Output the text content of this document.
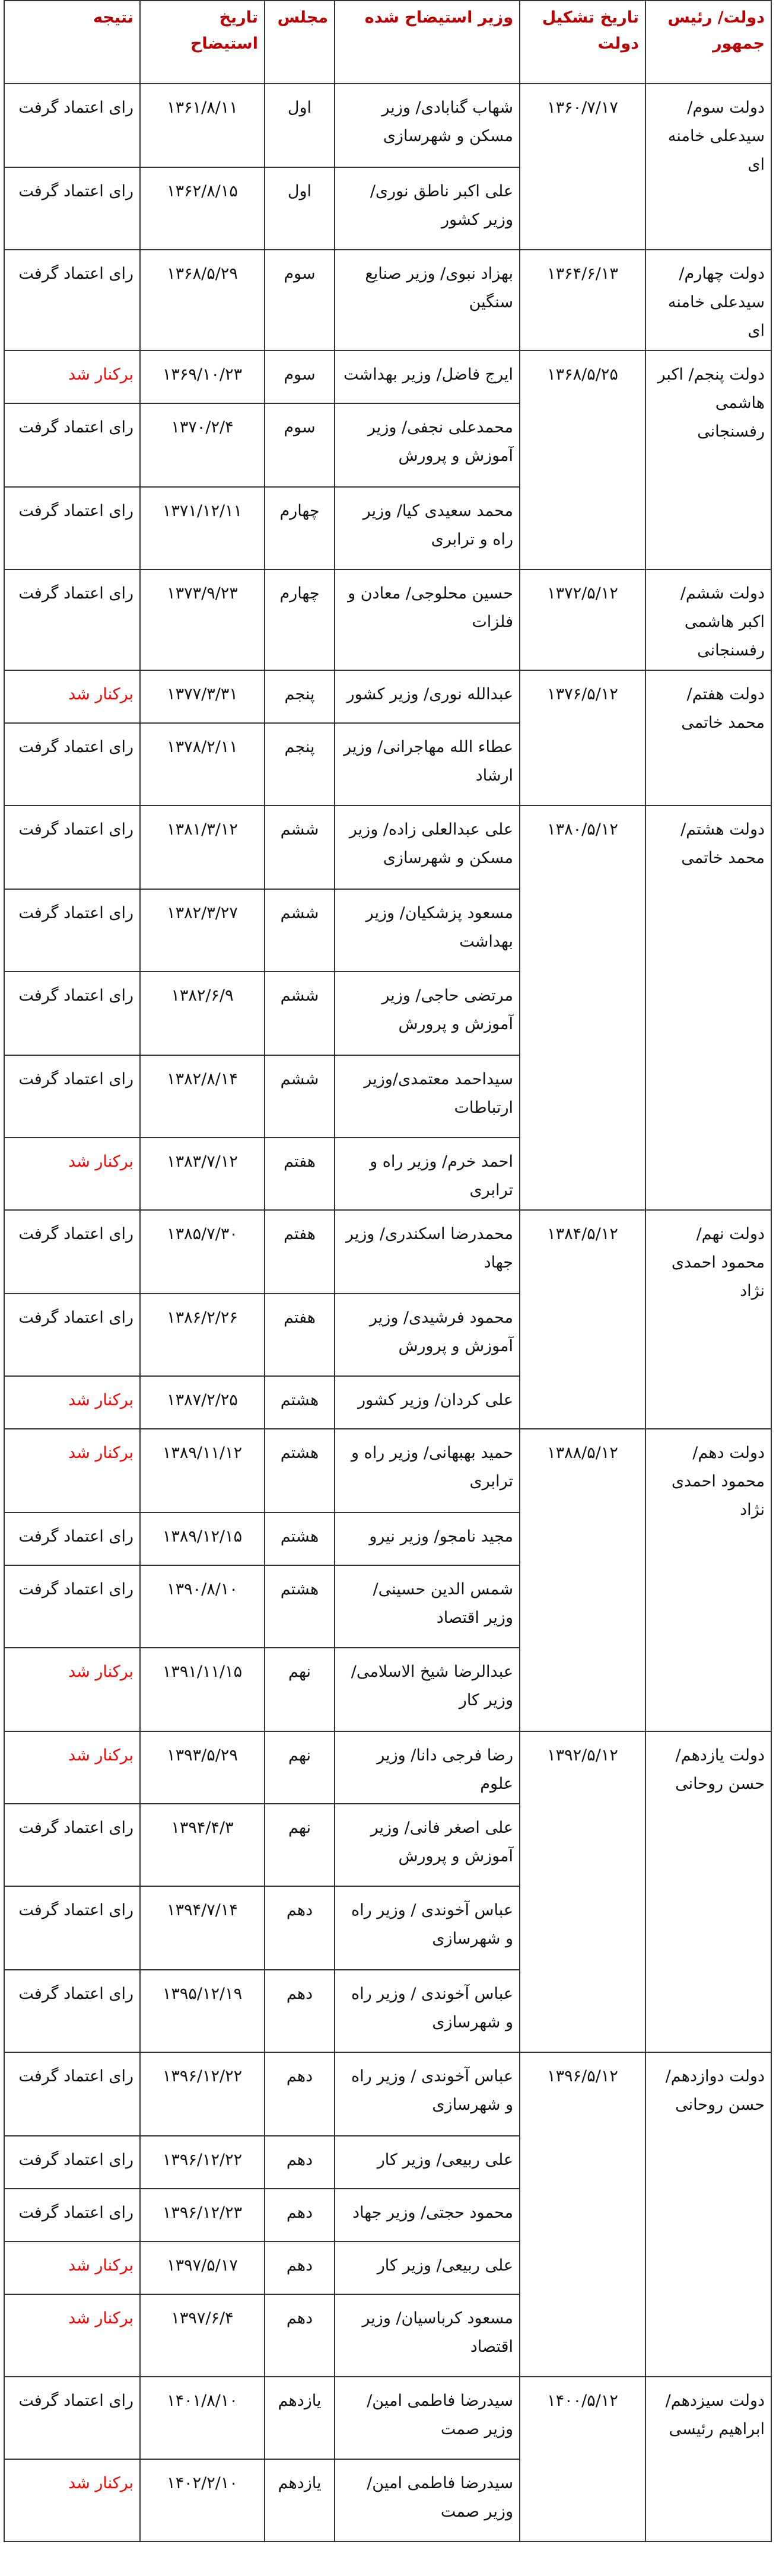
دولت/ رئیس جمهور	تاریخ تشکیل دولت	وزیر استیضاح شده	مجلس	تاریخ استیضاح	نتیجه
دولت سوم/ سیدعلی خامنه ای	۱۳۶۰/۷/۱۷	شهاب گنابادی/ وزیر مسکن و شهرسازی	اول	۱۳۶۱/۸/۱۱	رای اعتماد گرفت
		علی اکبر ناطق نوری/ وزیر کشور	اول	۱۳۶۲/۸/۱۵	رای اعتماد گرفت
دولت چهارم/ سیدعلی خامنه ای	۱۳۶۴/۶/۱۳	بهزاد نبوی/ وزیر صنایع سنگین	سوم	۱۳۶۸/۵/۲۹	رای اعتماد گرفت
دولت پنجم/ اکبر هاشمی رفسنجانی	۱۳۶۸/۵/۲۵	ایرج فاضل/ وزیر بهداشت	سوم	۱۳۶۹/۱۰/۲۳	برکنار شد
		محمدعلی نجفی/ وزیر آموزش و پرورش	سوم	۱۳۷۰/۲/۴	رای اعتماد گرفت
		محمد سعیدی کیا/ وزیر راه و ترابری	چهارم	۱۳۷۱/۱۲/۱۱	رای اعتماد گرفت
دولت ششم/ اکبر هاشمی رفسنجانی	۱۳۷۲/۵/۱۲	حسین محلوجی/ معادن و فلزات	چهارم	۱۳۷۳/۹/۲۳	رای اعتماد گرفت
دولت هفتم/محمد خاتمی	۱۳۷۶/۵/۱۲	عبدالله نوری/ وزیر کشور	پنجم	۱۳۷۷/۳/۳۱	برکنار شد
		عطاء الله مهاجرانی/ وزیر ارشاد	پنجم	۱۳۷۸/۲/۱۱	رای اعتماد گرفت
دولت هشتم/محمد خاتمی	۱۳۸۰/۵/۱۲	علی عبدالعلی زاده/ وزیر مسکن و شهرسازی	ششم	۱۳۸۱/۳/۱۲	رای اعتماد گرفت
		مسعود پزشکیان/ وزیر بهداشت	ششم	۱۳۸۲/۳/۲۷	رای اعتماد گرفت
		مرتضی حاجی/ وزیر آموزش و پرورش	ششم	۱۳۸۲/۶/۹	رای اعتماد گرفت
		سیداحمد معتمدی/وزیر ارتباطات	ششم	۱۳۸۲/۸/۱۴	رای اعتماد گرفت
		احمد خرم/ وزیر راه و ترابری	هفتم	۱۳۸۳/۷/۱۲	برکنار شد
دولت نهم/ محمود احمدی نژاد	۱۳۸۴/۵/۱۲	محمدرضا اسکندری/ وزیر جهاد	هفتم	۱۳۸۵/۷/۳۰	رای اعتماد گرفت
		محمود فرشیدی/ وزیر آموزش و پرورش	هفتم	۱۳۸۶/۲/۲۶	رای اعتماد گرفت
		علی کردان/ وزیر کشور	هشتم	۱۳۸۷/۲/۲۵	برکنار شد
دولت دهم/ محمود احمدی نژاد	۱۳۸۸/۵/۱۲	حمید بهبهانی/ وزیر راه و ترابری	هشتم	۱۳۸۹/۱۱/۱۲	برکنار شد
		مجید نامجو/ وزیر نیرو	هشتم	۱۳۸۹/۱۲/۱۵	رای اعتماد گرفت
		شمس الدین حسینی/ وزیر اقتصاد	هشتم	۱۳۹۰/۸/۱۰	رای اعتماد گرفت
		عبدالرضا شیخ الاسلامی/ وزیر کار	نهم	۱۳۹۱/۱۱/۱۵	برکنار شد
دولت یازدهم/ حسن روحانی	۱۳۹۲/۵/۱۲	رضا فرجی دانا/ وزیر علوم	نهم	۱۳۹۳/۵/۲۹	برکنار شد
		علی اصغر فانی/ وزیر آموزش و پرورش	نهم	۱۳۹۴/۴/۳	رای اعتماد گرفت
		عباس آخوندی / وزیر راه و شهرسازی	دهم	۱۳۹۴/۷/۱۴	رای اعتماد گرفت
		عباس آخوندی / وزیر راه و شهرسازی	دهم	۱۳۹۵/۱۲/۱۹	رای اعتماد گرفت
دولت دوازدهم/ حسن روحانی	۱۳۹۶/۵/۱۲	عباس آخوندی / وزیر راه و شهرسازی	دهم	۱۳۹۶/۱۲/۲۲	رای اعتماد گرفت
		علی ربیعی/ وزیر کار	دهم	۱۳۹۶/۱۲/۲۲	رای اعتماد گرفت
		محمود حجتی/ وزیر جهاد	دهم	۱۳۹۶/۱۲/۲۳	رای اعتماد گرفت
		علی ربیعی/ وزیر کار	دهم	۱۳۹۷/۵/۱۷	برکنار شد
		مسعود کرباسیان/ وزیر اقتصاد	دهم	۱۳۹۷/۶/۴	برکنار شد
دولت سیزدهم/ ابراهیم رئیسی	۱۴۰۰/۵/۱۲	سیدرضا فاطمی امین/ وزیر صمت	یازدهم	۱۴۰۱/۸/۱۰	رای اعتماد گرفت
		سیدرضا فاطمی امین/ وزیر صمت	یازدهم	۱۴۰۲/۲/۱۰	برکنار شد
